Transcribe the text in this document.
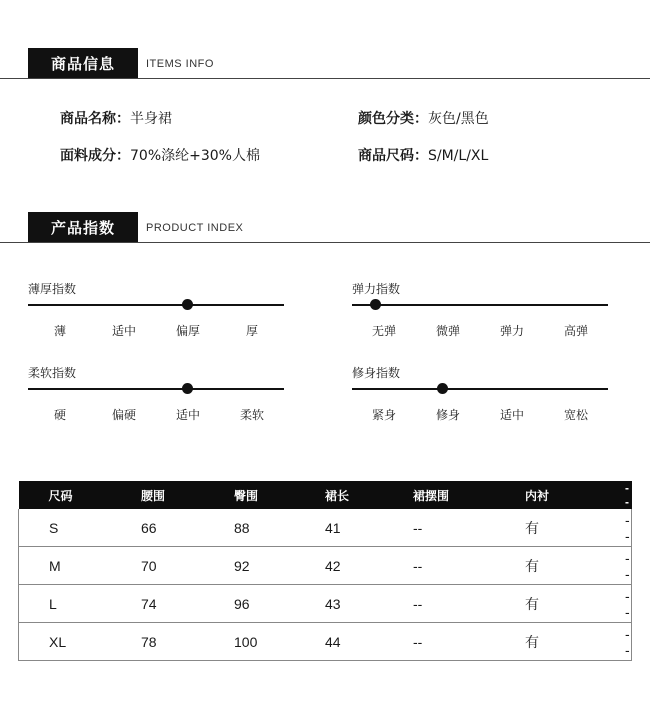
商品信息	ITEMS INFO
商品名称：半身裙	颜色分类：灰色/黑色
面料成分：70%涤纶+30%人棉	商品尺码：S/M/L/XL
产品指数	PRODUCT INDEX
薄厚指数
薄	适中	偏厚	厚
弹力指数
无弹	微弹	弹力	高弹
柔软指数
硬	偏硬	适中	柔软
修身指数
紧身	修身	适中	宽松
尺码	腰围	臀围	裙长	裙摆围	内衬	--
S	66	88	41	--	有	--
M	70	92	42	--	有	--
L	74	96	43	--	有	--
XL	78	100	44	--	有	--
